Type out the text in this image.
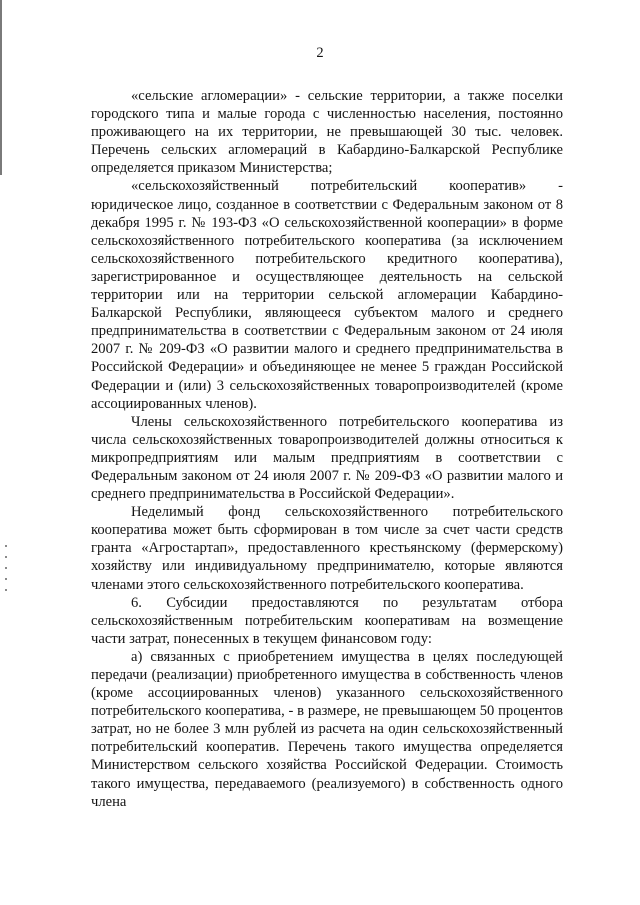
2

«сельские агломерации» - сельские территории, а также поселки городского типа и малые города с численностью населения, постоянно проживающего на их территории, не превышающей 30 тыс. человек. Перечень сельских агломераций в Кабардино-Балкарской Республике определяется приказом Министерства;

«сельскохозяйственный потребительский кооператив» - юридическое лицо, созданное в соответствии с Федеральным законом от 8 декабря 1995 г. № 193-ФЗ «О сельскохозяйственной кооперации» в форме сельскохозяйственного потребительского кооператива (за исключением сельскохозяйственного потребительского кредитного кооператива), зарегистрированное и осуществляющее деятельность на сельской территории или на территории сельской агломерации Кабардино-Балкарской Республики, являющееся субъектом малого и среднего предпринимательства в соответствии с Федеральным законом от 24 июля 2007 г. № 209-ФЗ «О развитии малого и среднего предпринимательства в Российской Федерации» и объединяющее не менее 5 граждан Российской Федерации и (или) 3 сельскохозяйственных товаропроизводителей (кроме ассоциированных членов).

Члены сельскохозяйственного потребительского кооператива из числа сельскохозяйственных товаропроизводителей должны относиться к микропредприятиям или малым предприятиям в соответствии с Федеральным законом от 24 июля 2007 г. № 209-ФЗ «О развитии малого и среднего предпринимательства в Российской Федерации».

Неделимый фонд сельскохозяйственного потребительского кооператива может быть сформирован в том числе за счет части средств гранта «Агростартап», предоставленного крестьянскому (фермерскому) хозяйству или индивидуальному предпринимателю, которые являются членами этого сельскохозяйственного потребительского кооператива.

6. Субсидии предоставляются по результатам отбора сельскохозяйственным потребительским кооперативам на возмещение части затрат, понесенных в текущем финансовом году:

а) связанных с приобретением имущества в целях последующей передачи (реализации) приобретенного имущества в собственность членов (кроме ассоциированных членов) указанного сельскохозяйственного потребительского кооператива, - в размере, не превышающем 50 процентов затрат, но не более 3 млн рублей из расчета на один сельскохозяйственный потребительский кооператив. Перечень такого имущества определяется Министерством сельского хозяйства Российской Федерации. Стоимость такого имущества, передаваемого (реализуемого) в собственность одного члена
